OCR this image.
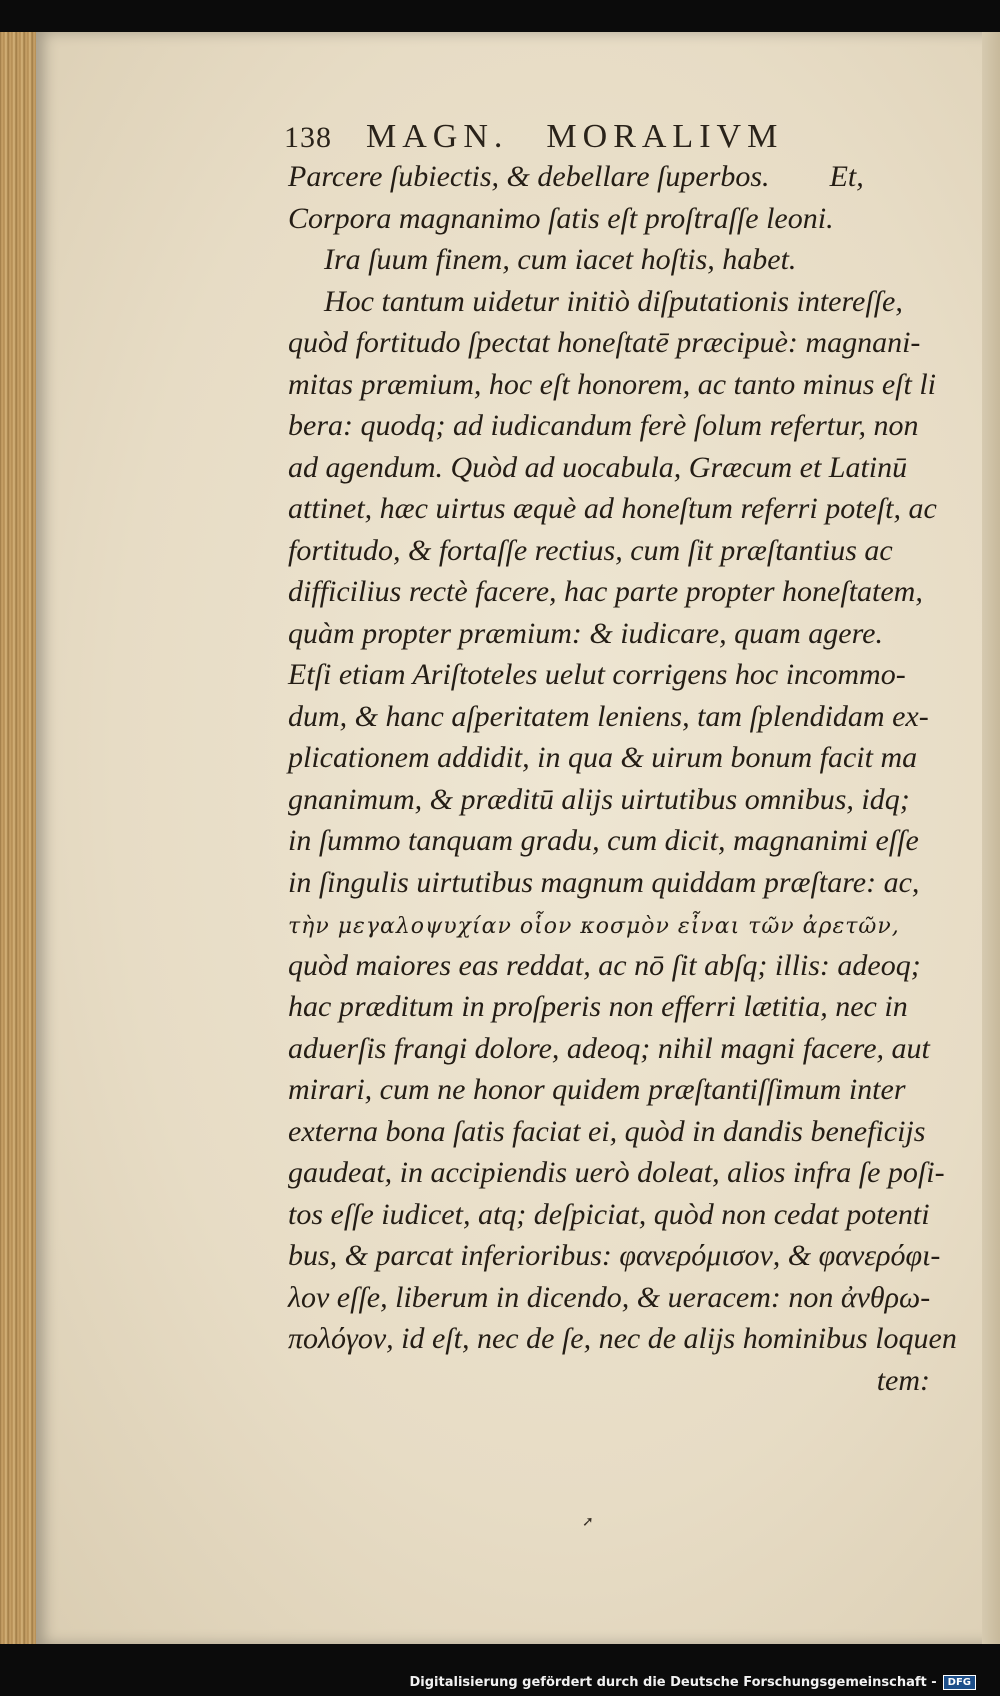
138 MAGN. MORALIVM
Parcere ſubiectis, & debellare ſuperbos. Et,
Corpora magnanimo ſatis eſt proſtraſſe leoni.
Ira ſuum finem, cum iacet hoſtis, habet.
Hoc tantum uidetur initiò diſputationis intereſſe,
quòd fortitudo ſpectat honeſtatē præcipuè: magnani-
mitas præmium, hoc eſt honorem, ac tanto minus eſt li
bera: quodq; ad iudicandum ferè ſolum refertur, non
ad agendum. Quòd ad uocabula, Græcum et Latinū
attinet, hæc uirtus æquè ad honeſtum referri poteſt, ac
fortitudo, & fortaſſe rectius, cum ſit præſtantius ac
difficilius rectè facere, hac parte propter honeſtatem,
quàm propter præmium: & iudicare, quam agere.
Etſi etiam Ariſtoteles uelut corrigens hoc incommo-
dum, & hanc aſperitatem leniens, tam ſplendidam ex-
plicationem addidit, in qua & uirum bonum facit ma
gnanimum, & præditū alijs uirtutibus omnibus, idq;
in ſummo tanquam gradu, cum dicit, magnanimi eſſe
in ſingulis uirtutibus magnum quiddam præſtare: ac,
τὴν μεγαλοψυχίαν οἷον κοσμὸν εἶναι τῶν ἀρετῶν,
quòd maiores eas reddat, ac nō ſit abſq; illis: adeoq;
hac præditum in proſperis non efferri lætitia, nec in
aduerſis frangi dolore, adeoq; nihil magni facere, aut
mirari, cum ne honor quidem præſtantiſſimum inter
externa bona ſatis faciat ei, quòd in dandis beneficijs
gaudeat, in accipiendis uerò doleat, alios infra ſe poſi-
tos eſſe iudicet, atq; deſpiciat, quòd non cedat potenti
bus, & parcat inferioribus: φανερόμισον, & φανερόφι-
λον eſſe, liberum in dicendo, & ueracem: non ἀνθρω-
πολόγον, id eſt, nec de ſe, nec de alijs hominibus loquen
tem:
➚
Digitalisierung gefördert durch die Deutsche Forschungsgemeinschaft -	DFG
